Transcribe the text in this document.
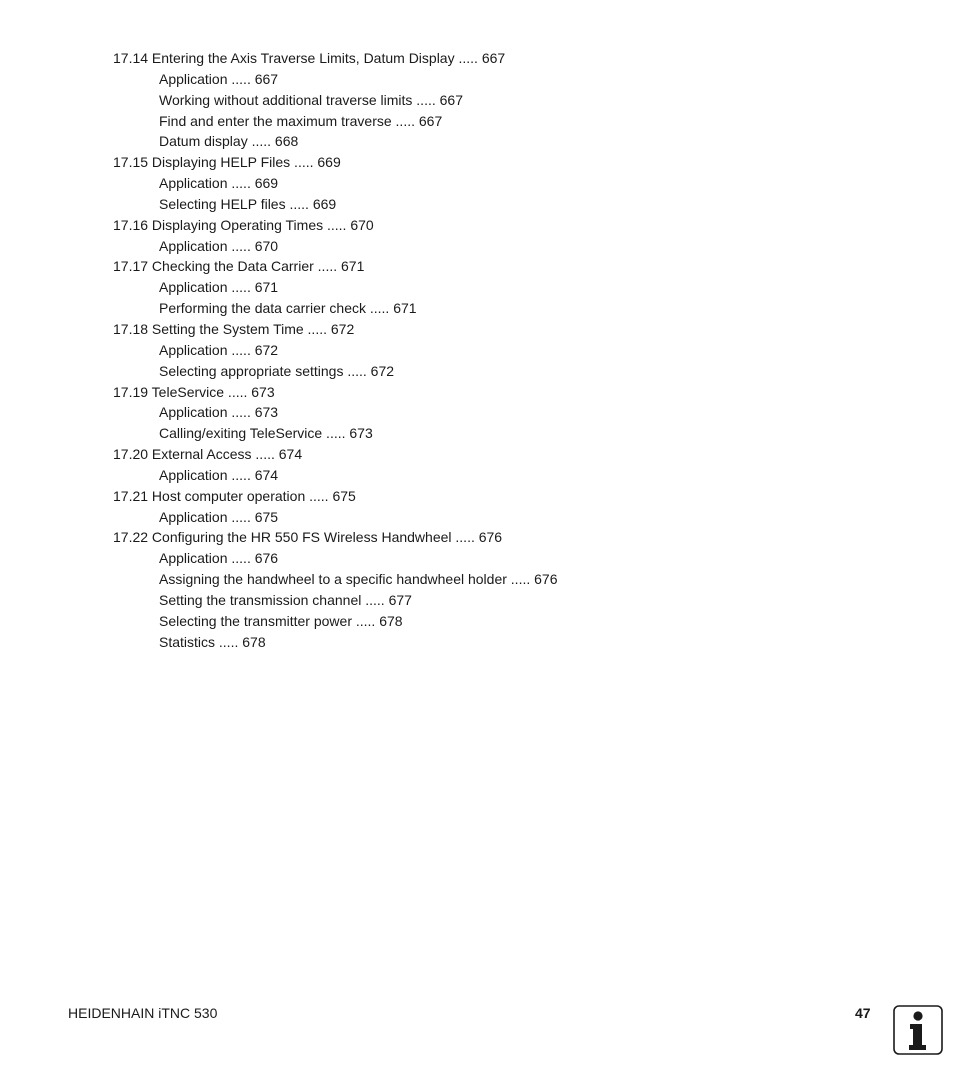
17.14 Entering the Axis Traverse Limits, Datum Display ..... 667
Application ..... 667
Working without additional traverse limits ..... 667
Find and enter the maximum traverse ..... 667
Datum display ..... 668
17.15 Displaying HELP Files ..... 669
Application ..... 669
Selecting HELP files ..... 669
17.16 Displaying Operating Times ..... 670
Application ..... 670
17.17 Checking the Data Carrier ..... 671
Application ..... 671
Performing the data carrier check ..... 671
17.18 Setting the System Time ..... 672
Application ..... 672
Selecting appropriate settings ..... 672
17.19 TeleService ..... 673
Application ..... 673
Calling/exiting TeleService ..... 673
17.20 External Access ..... 674
Application ..... 674
17.21 Host computer operation ..... 675
Application ..... 675
17.22 Configuring the HR 550 FS Wireless Handwheel ..... 676
Application ..... 676
Assigning the handwheel to a specific handwheel holder ..... 676
Setting the transmission channel ..... 677
Selecting the transmitter power ..... 678
Statistics ..... 678
HEIDENHAIN iTNC 530	47
